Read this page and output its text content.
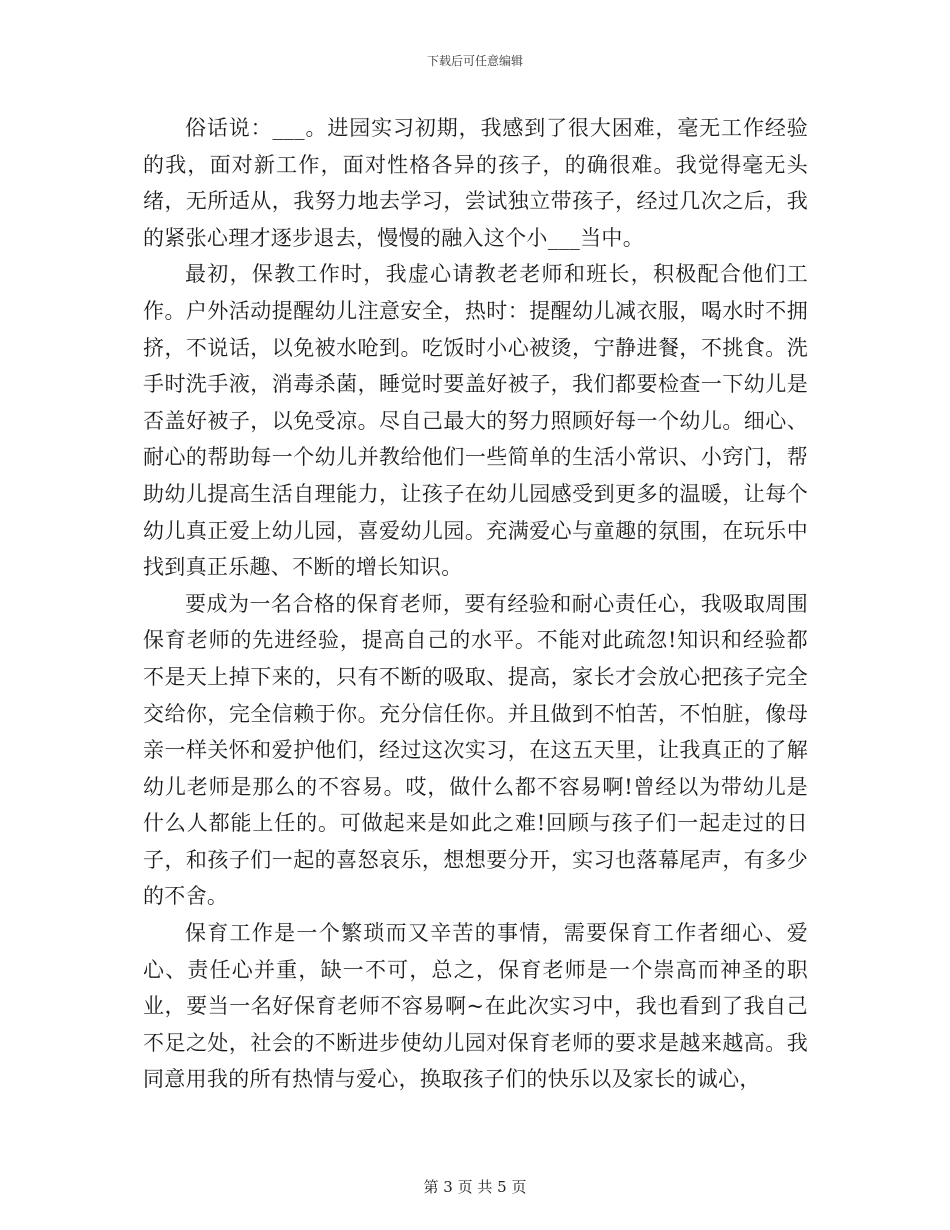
下载后可任意编辑

俗话说：___。进园实习初期，我感到了很大困难，毫无工作经验的我，面对新工作，面对性格各异的孩子，的确很难。我觉得毫无头绪，无所适从，我努力地去学习，尝试独立带孩子，经过几次之后，我的紧张心理才逐步退去，慢慢的融入这个小___当中。

最初，保教工作时，我虚心请教老老师和班长，积极配合他们工作。户外活动提醒幼儿注意安全，热时：提醒幼儿减衣服，喝水时不拥挤，不说话，以免被水呛到。吃饭时小心被烫，宁静进餐，不挑食。洗手时洗手液，消毒杀菌，睡觉时要盖好被子，我们都要检查一下幼儿是否盖好被子，以免受凉。尽自己最大的努力照顾好每一个幼儿。细心、耐心的帮助每一个幼儿并教给他们一些简单的生活小常识、小窍门，帮助幼儿提高生活自理能力，让孩子在幼儿园感受到更多的温暖，让每个幼儿真正爱上幼儿园，喜爱幼儿园。充满爱心与童趣的氛围，在玩乐中找到真正乐趣、不断的增长知识。

要成为一名合格的保育老师，要有经验和耐心责任心，我吸取周围保育老师的先进经验，提高自己的水平。不能对此疏忽!知识和经验都不是天上掉下来的，只有不断的吸取、提高，家长才会放心把孩子完全交给你，完全信赖于你。充分信任你。并且做到不怕苦，不怕脏，像母亲一样关怀和爱护他们，经过这次实习，在这五天里，让我真正的了解幼儿老师是那么的不容易。哎，做什么都不容易啊!曾经以为带幼儿是什么人都能上任的。可做起来是如此之难!回顾与孩子们一起走过的日子，和孩子们一起的喜怒哀乐，想想要分开，实习也落幕尾声，有多少的不舍。

保育工作是一个繁琐而又辛苦的事情，需要保育工作者细心、爱心、责任心并重，缺一不可，总之，保育老师是一个崇高而神圣的职业，要当一名好保育老师不容易啊~在此次实习中，我也看到了我自己不足之处，社会的不断进步使幼儿园对保育老师的要求是越来越高。我同意用我的所有热情与爱心，换取孩子们的快乐以及家长的诚心，

第 3 页 共 5 页
